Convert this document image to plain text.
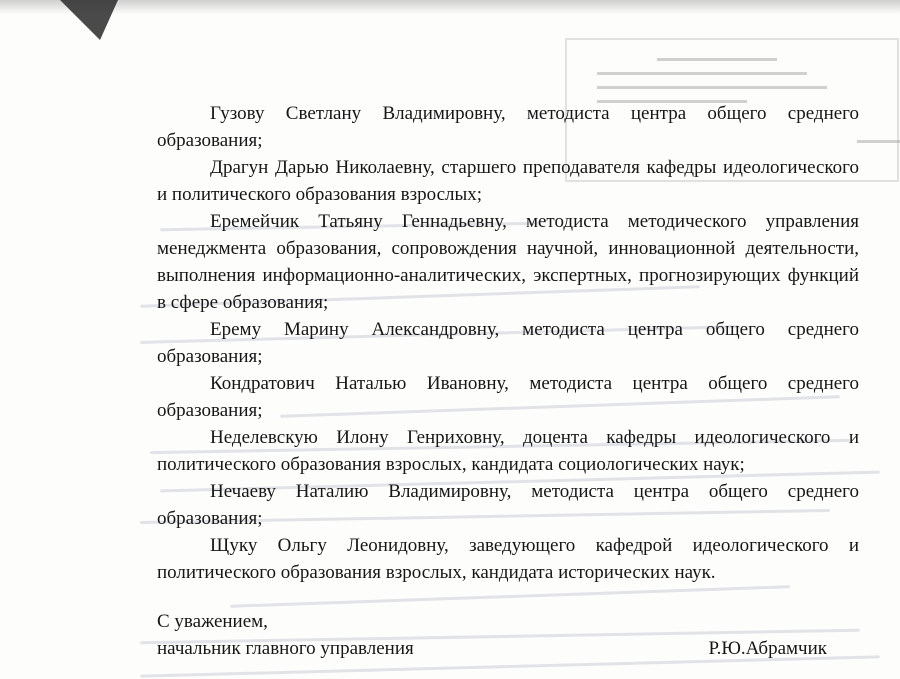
Гузову Светлану Владимировну, методиста центра общего среднего образования;

Драгун Дарью Николаевну, старшего преподавателя кафедры идеологического и политического образования взрослых;

Еремейчик Татьяну Геннадьевну, методиста методического управления менеджмента образования, сопровождения научной, инновационной деятельности, выполнения информационно-аналитических, экспертных, прогнозирующих функций в сфере образования;

Ерему Марину Александровну, методиста центра общего среднего образования;

Кондратович Наталью Ивановну, методиста центра общего среднего образования;

Неделевскую Илону Генриховну, доцента кафедры идеологического и политического образования взрослых, кандидата социологических наук;

Нечаеву Наталию Владимировну, методиста центра общего среднего образования;

Щуку Ольгу Леонидовну, заведующего кафедрой идеологического и политического образования взрослых, кандидата исторических наук.

С уважением,
начальник главного управления	Р.Ю.Абрамчик
